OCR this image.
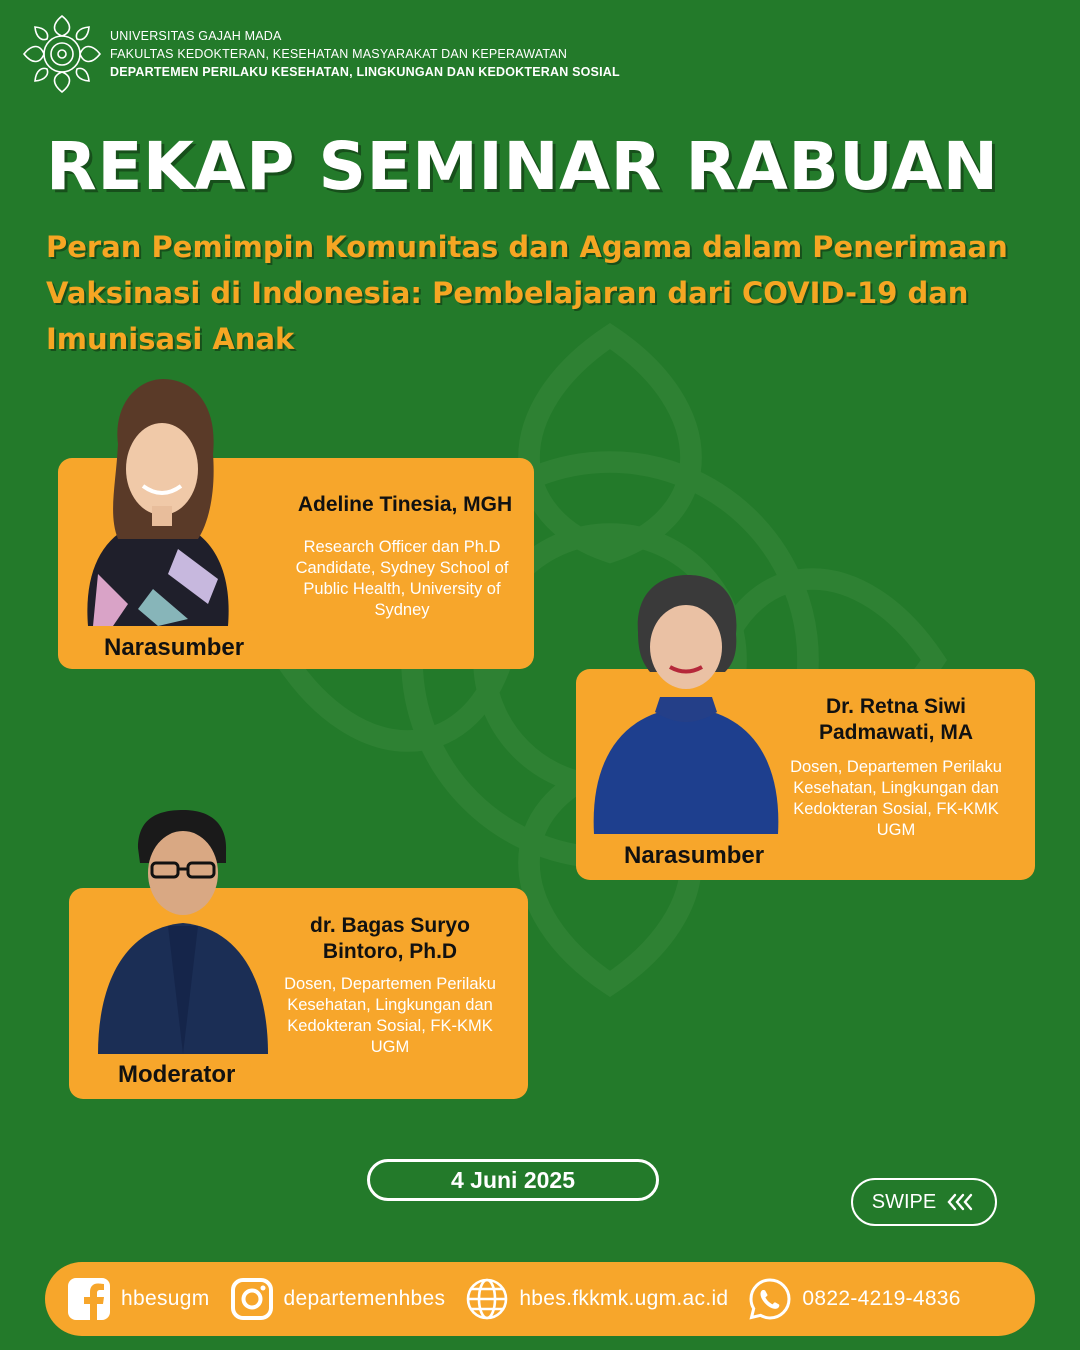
UNIVERSITAS GAJAH MADA
FAKULTAS KEDOKTERAN, KESEHATAN MASYARAKAT DAN KEPERAWATAN
DEPARTEMEN PERILAKU KESEHATAN, LINGKUNGAN DAN KEDOKTERAN SOSIAL
REKAP SEMINAR RABUAN
Peran Pemimpin Komunitas dan Agama dalam Penerimaan Vaksinasi di Indonesia: Pembelajaran dari COVID-19 dan Imunisasi Anak
Narasumber
Adeline Tinesia, MGH
Research Officer dan Ph.D Candidate, Sydney School of Public Health, University of Sydney
Narasumber
Dr. Retna Siwi Padmawati, MA
Dosen, Departemen Perilaku Kesehatan, Lingkungan dan Kedokteran Sosial, FK-KMK UGM
Moderator
dr. Bagas Suryo Bintoro, Ph.D
Dosen, Departemen Perilaku Kesehatan, Lingkungan dan Kedokteran Sosial, FK-KMK UGM
4 Juni 2025
SWIPE
hbesugm	departemenhbes	hbes.fkkmk.ugm.ac.id	0822-4219-4836
